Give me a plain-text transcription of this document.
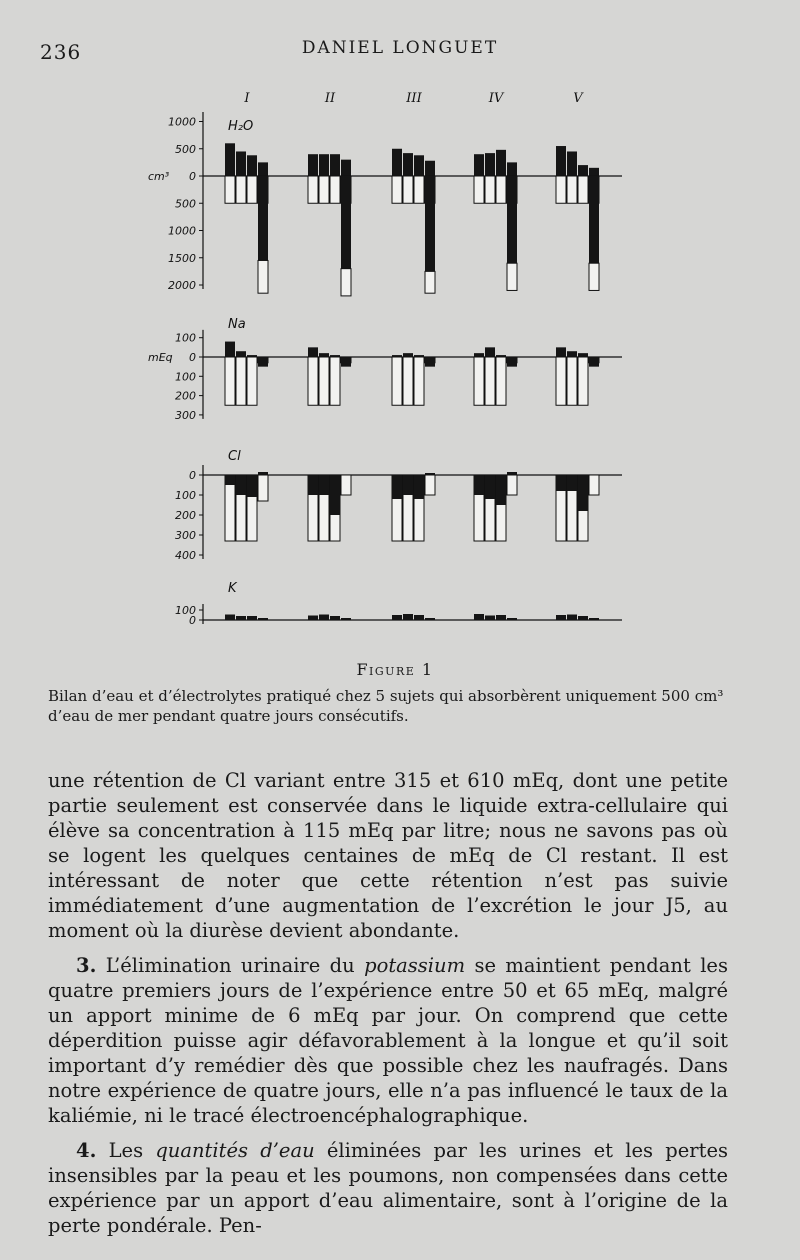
236	DANIEL LONGUET
I	II	III	IV	V
H₂O
1000
500
0
500
1000
1500
2000
cm³
Na
100
0
100
200
300
mEq
Cl
0
100
200
300
400
K
100
0
Figure 1
Bilan d’eau et d’électrolytes pratiqué chez 5 sujets qui absorbèrent uniquement 500 cm³ d’eau de mer pendant quatre jours consécutifs.

une rétention de Cl variant entre 315 et 610 mEq, dont une petite partie seulement est conservée dans le liquide extra-cellulaire qui élève sa concentration à 115 mEq par litre; nous ne savons pas où se logent les quelques centaines de mEq de Cl restant. Il est intéressant de noter que cette rétention n’est pas suivie immédiatement d’une augmentation de l’excrétion le jour J5, au moment où la diurèse devient abondante.

3. L’élimination urinaire du potassium se maintient pendant les quatre premiers jours de l’expérience entre 50 et 65 mEq, malgré un apport minime de 6 mEq par jour. On comprend que cette déperdition puisse agir défavorablement à la longue et qu’il soit important d’y remédier dès que possible chez les naufragés. Dans notre expérience de quatre jours, elle n’a pas influencé le taux de la kaliémie, ni le tracé électroencéphalographique.

4. Les quantités d’eau éliminées par les urines et les pertes insensibles par la peau et les poumons, non compensées dans cette expérience par un apport d’eau alimentaire, sont à l’origine de la perte pondérale. Pen-
